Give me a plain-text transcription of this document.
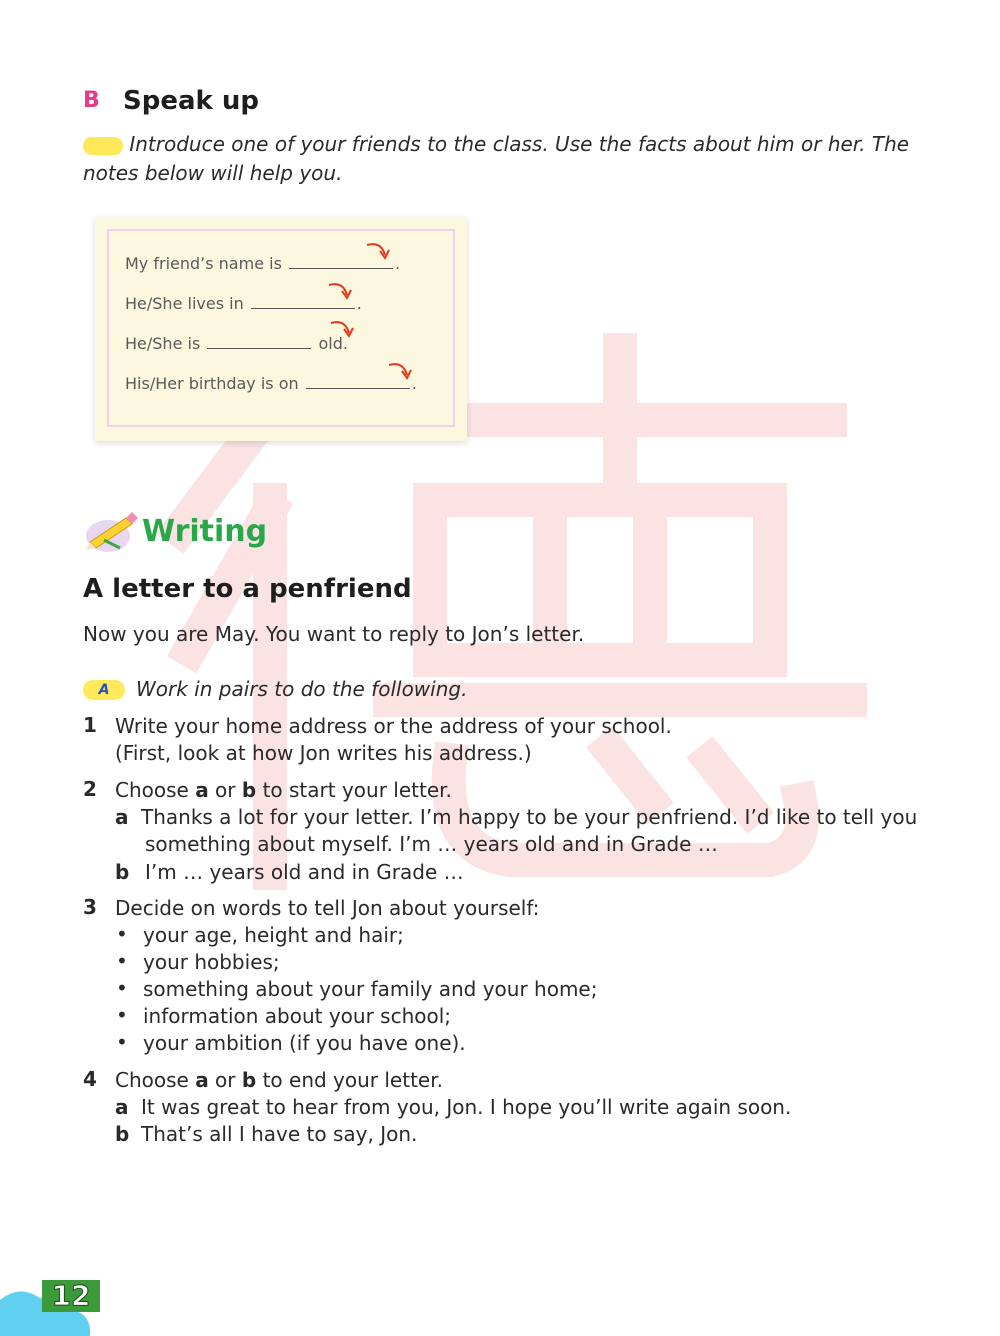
B Speak up
Introduce one of your friends to the class. Use the facts about him or her. The notes below will help you.
My friend’s name is	.
He/She lives in	.
He/She is	old.
His/Her birthday is on	.
Writing
A letter to a penfriend
Now you are May. You want to reply to Jon’s letter.
A	Work in pairs to do the following.
1 Write your home address or the address of your school.
(First, look at how Jon writes his address.)
2 Choose a or b to start your letter.
a Thanks a lot for your letter. I’m happy to be your penfriend. I’d like to tell you
something about myself. I’m … years old and in Grade …
b I’m … years old and in Grade …
3 Decide on words to tell Jon about yourself:
• your age, height and hair;
• your hobbies;
• something about your family and your home;
• information about your school;
• your ambition (if you have one).
4 Choose a or b to end your letter.
a It was great to hear from you, Jon. I hope you’ll write again soon.
b That’s all I have to say, Jon.
12
